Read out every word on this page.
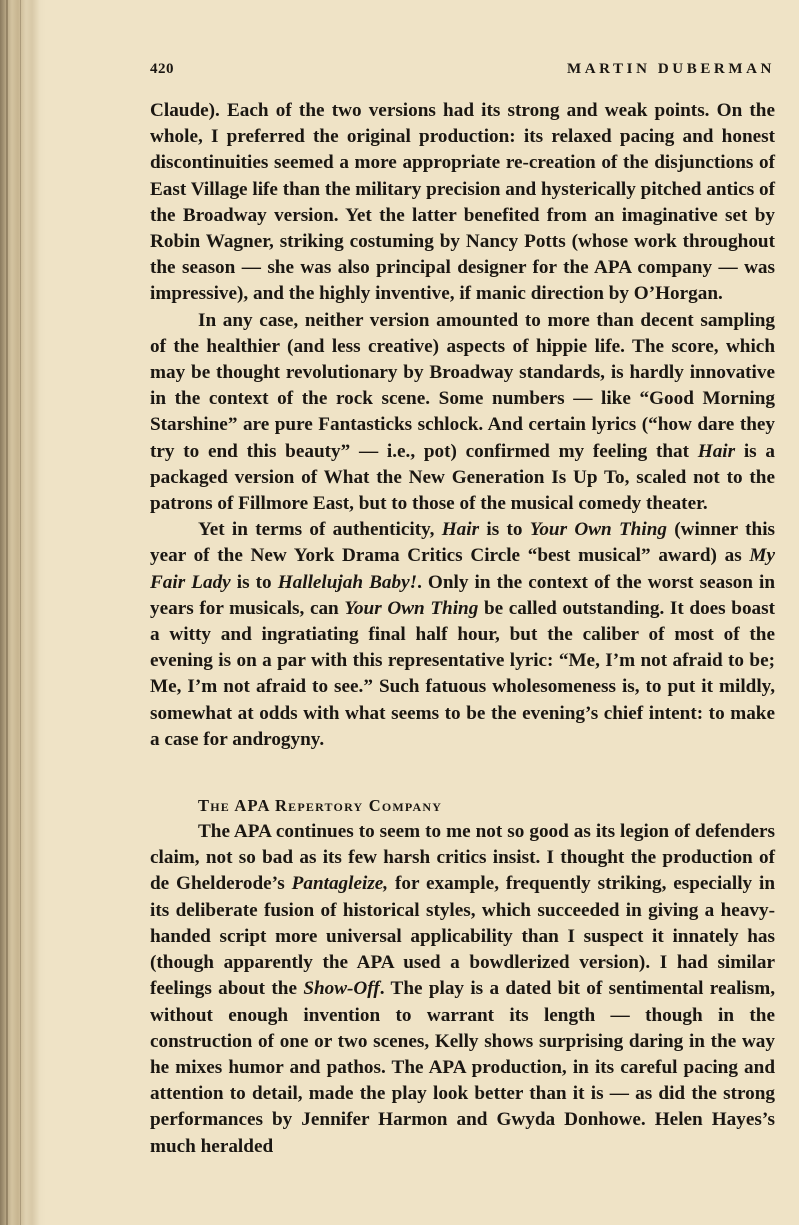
420	MARTIN DUBERMAN

Claude). Each of the two versions had its strong and weak points. On the whole, I preferred the original production: its relaxed pacing and honest discontinuities seemed a more appropriate re-creation of the disjunctions of East Village life than the military precision and hysterically pitched antics of the Broadway version. Yet the latter benefited from an imaginative set by Robin Wagner, striking costuming by Nancy Potts (whose work throughout the season — she was also principal designer for the APA company — was impressive), and the highly inventive, if manic direction by O’Horgan.

In any case, neither version amounted to more than decent sampling of the healthier (and less creative) aspects of hippie life. The score, which may be thought revolutionary by Broadway standards, is hardly innovative in the context of the rock scene. Some numbers — like “Good Morning Starshine” are pure Fantasticks schlock. And certain lyrics (“how dare they try to end this beauty” — i.e., pot) confirmed my feeling that Hair is a packaged version of What the New Generation Is Up To, scaled not to the patrons of Fillmore East, but to those of the musical comedy theater.

Yet in terms of authenticity, Hair is to Your Own Thing (winner this year of the New York Drama Critics Circle “best musical” award) as My Fair Lady is to Hallelujah Baby!. Only in the context of the worst season in years for musicals, can Your Own Thing be called outstanding. It does boast a witty and ingratiating final half hour, but the caliber of most of the evening is on a par with this representative lyric: “Me, I’m not afraid to be; Me, I’m not afraid to see.” Such fatuous wholesomeness is, to put it mildly, somewhat at odds with what seems to be the evening’s chief intent: to make a case for androgyny.

The APA Repertory Company

The APA continues to seem to me not so good as its legion of defenders claim, not so bad as its few harsh critics insist. I thought the production of de Ghelderode’s Pantagleize, for example, frequently striking, especially in its deliberate fusion of historical styles, which succeeded in giving a heavy-handed script more universal applicability than I suspect it innately has (though apparently the APA used a bowdlerized version). I had similar feelings about the Show-Off. The play is a dated bit of sentimental realism, without enough invention to warrant its length — though in the construction of one or two scenes, Kelly shows surprising daring in the way he mixes humor and pathos. The APA production, in its careful pacing and attention to detail, made the play look better than it is — as did the strong performances by Jennifer Harmon and Gwyda Donhowe. Helen Hayes’s much heralded
